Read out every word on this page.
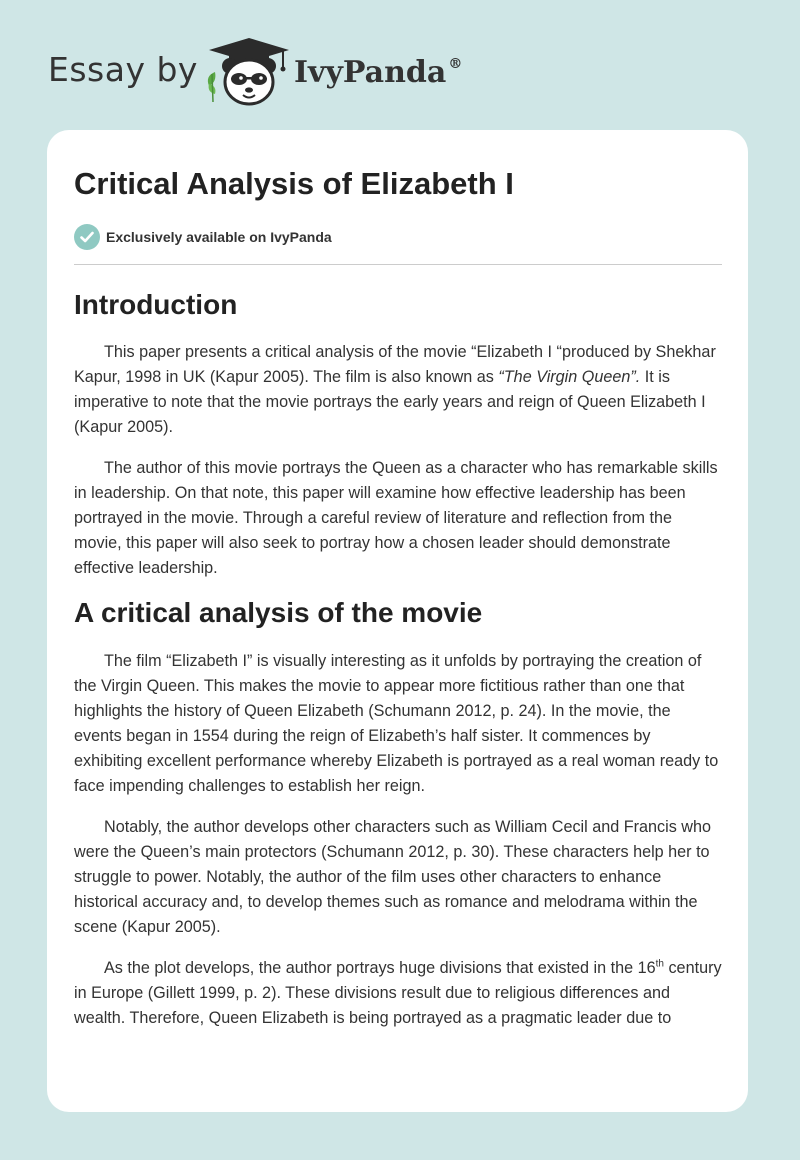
Essay by	IvyPanda ®
Critical Analysis of Elizabeth I
Exclusively available on IvyPanda
Introduction

This paper presents a critical analysis of the movie “Elizabeth I “produced by Shekhar Kapur, 1998 in UK (Kapur 2005). The film is also known as “The Virgin Queen”. It is imperative to note that the movie portrays the early years and reign of Queen Elizabeth I (Kapur 2005).

The author of this movie portrays the Queen as a character who has remarkable skills in leadership. On that note, this paper will examine how effective leadership has been portrayed in the movie. Through a careful review of literature and reflection from the movie, this paper will also seek to portray how a chosen leader should demonstrate effective leadership.

A critical analysis of the movie

The film “Elizabeth I” is visually interesting as it unfolds by portraying the creation of the Virgin Queen. This makes the movie to appear more fictitious rather than one that highlights the history of Queen Elizabeth (Schumann 2012, p. 24). In the movie, the events began in 1554 during the reign of Elizabeth’s half sister. It commences by exhibiting excellent performance whereby Elizabeth is portrayed as a real woman ready to face impending challenges to establish her reign.

Notably, the author develops other characters such as William Cecil and Francis who were the Queen’s main protectors (Schumann 2012, p. 30). These characters help her to struggle to power. Notably, the author of the film uses other characters to enhance historical accuracy and, to develop themes such as romance and melodrama within the scene (Kapur 2005).

As the plot develops, the author portrays huge divisions that existed in the 16th century in Europe (Gillett 1999, p. 2). These divisions result due to religious differences and wealth. Therefore, Queen Elizabeth is being portrayed as a pragmatic leader due to
